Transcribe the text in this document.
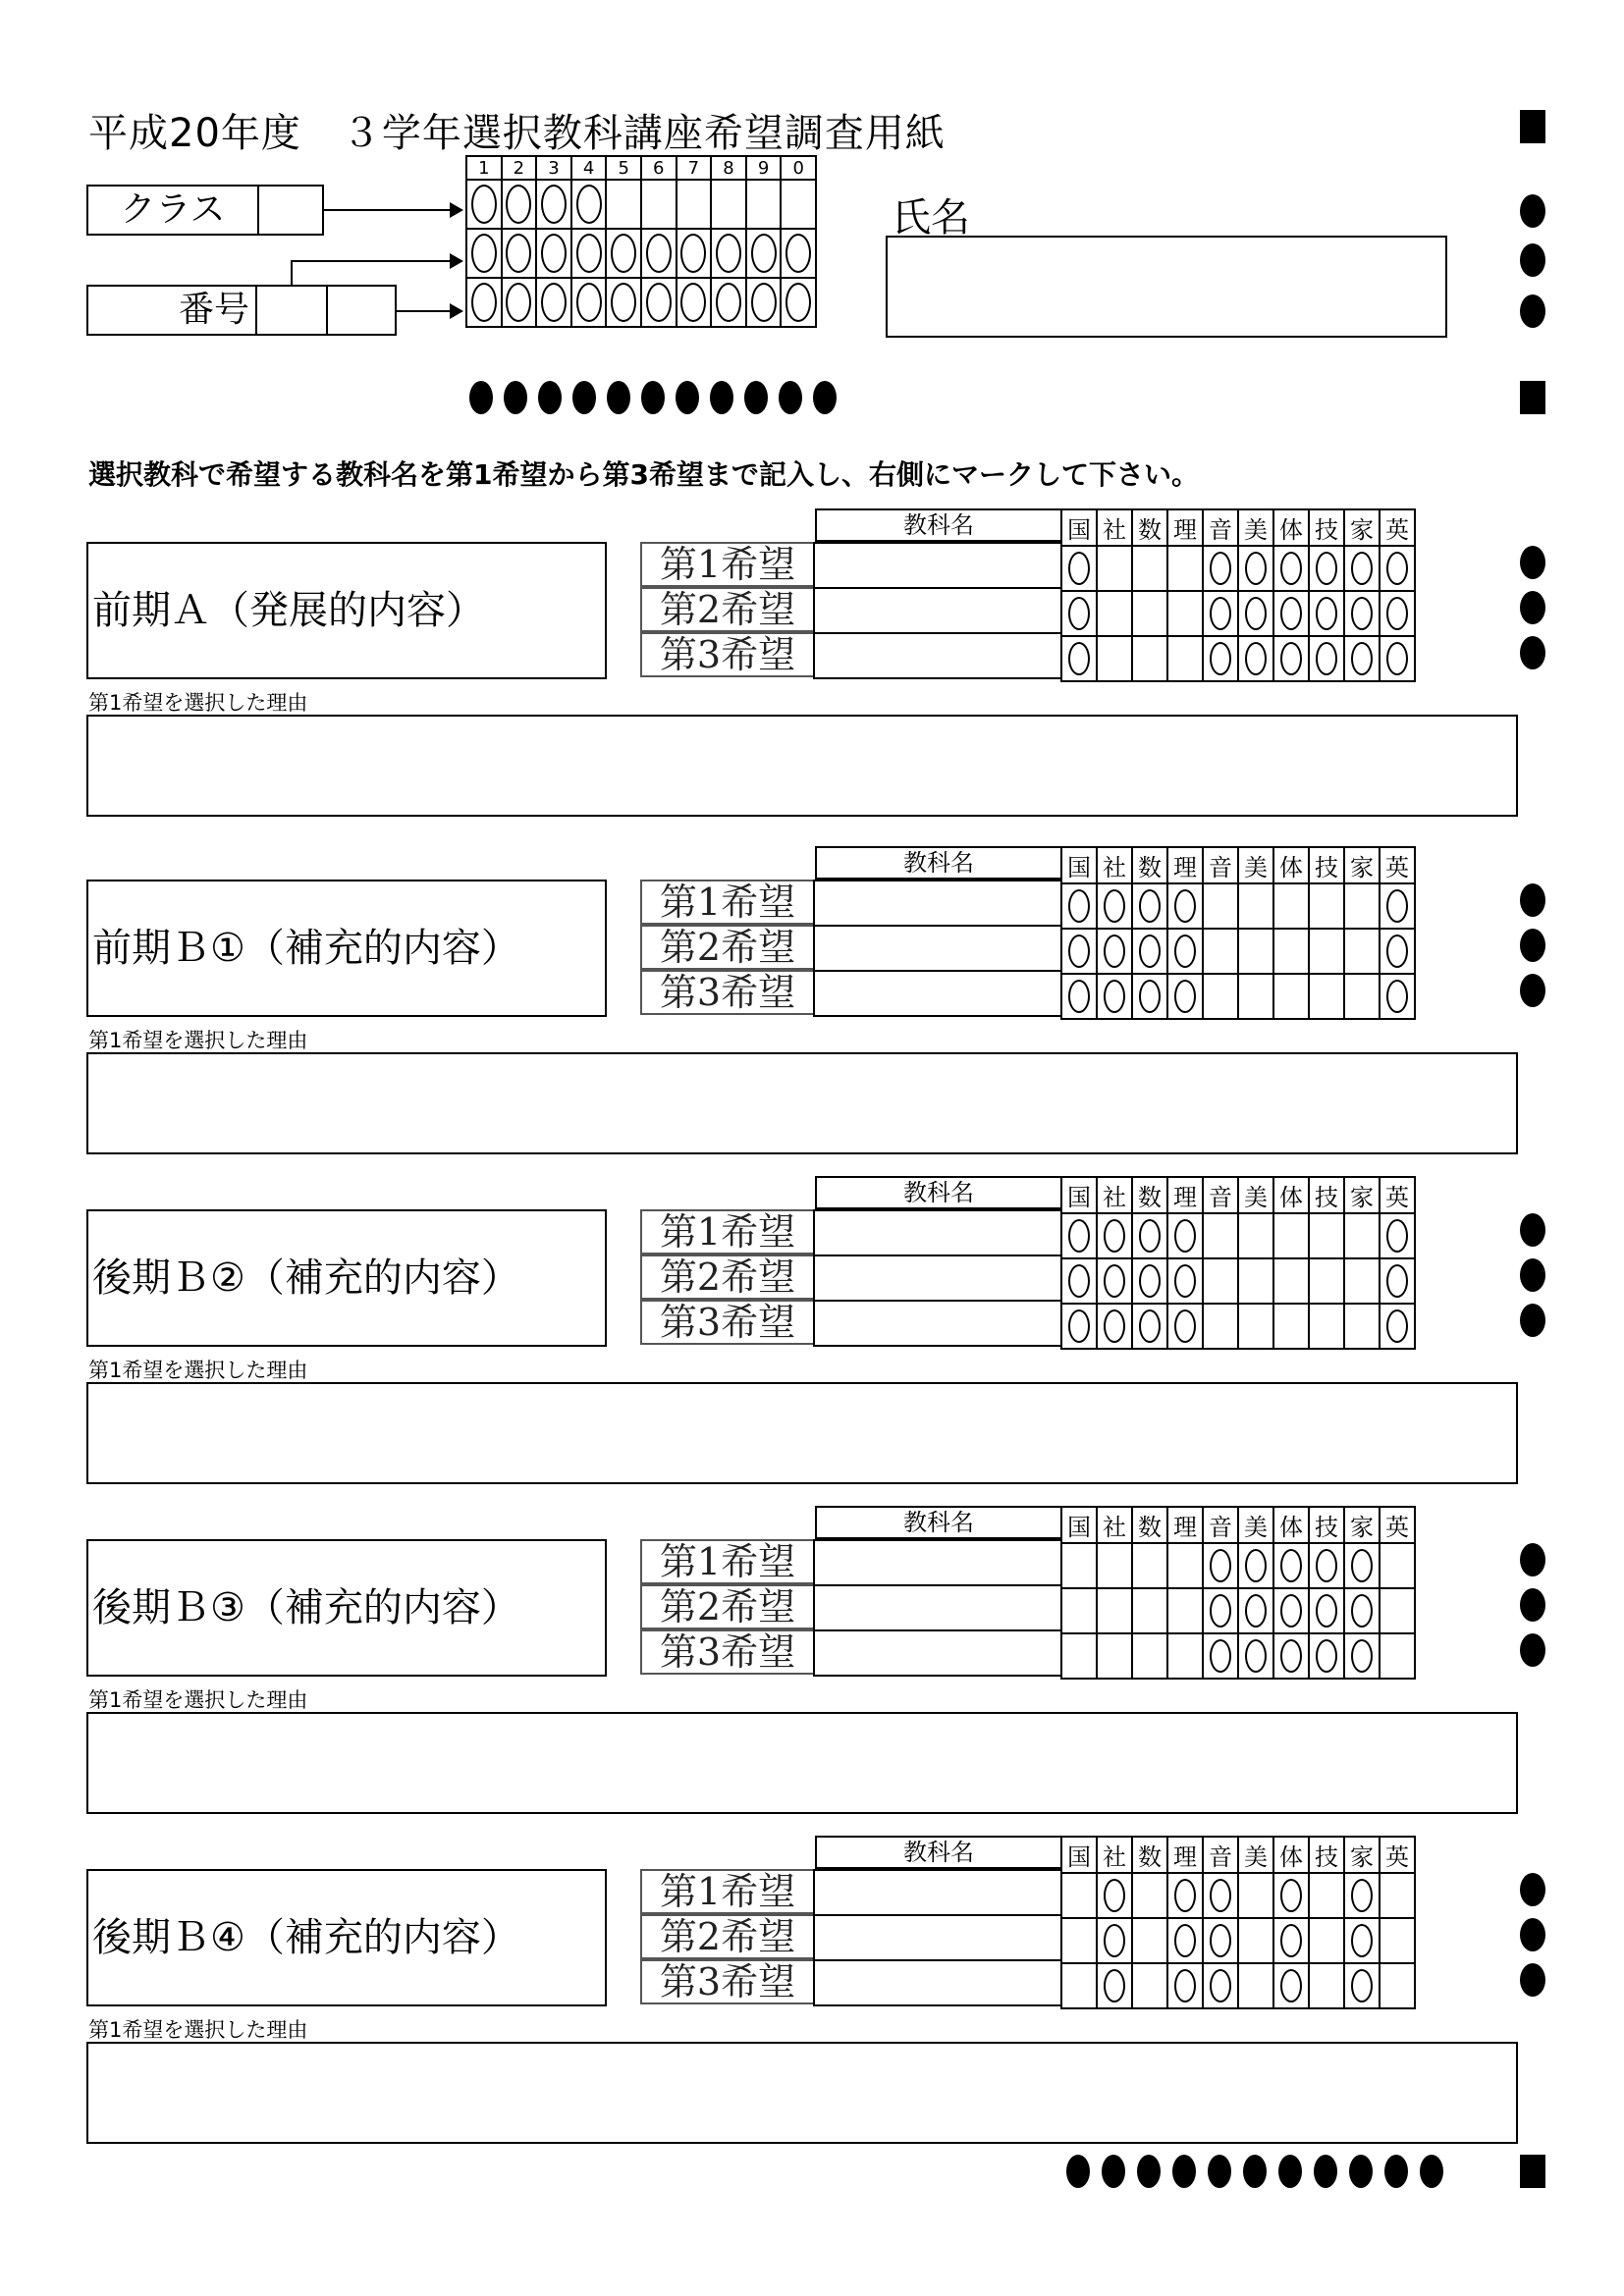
平成20年度　３学年選択教科講座希望調査用紙
クラス
番号
1	2	3	4	5	6	7	8	9	0

氏名
選択教科で希望する教科名を第1希望から第3希望まで記入し、右側にマークして下さい。
前期Ａ（発展的内容）
教科名	国	社	数	理	音	美	体	技	家	英

第1希望
第2希望
第3希望
第1希望を選択した理由
前期Ｂ①（補充的内容）
教科名	国	社	数	理	音	美	体	技	家	英

第1希望
第2希望
第3希望
第1希望を選択した理由
後期Ｂ②（補充的内容）
教科名	国	社	数	理	音	美	体	技	家	英

第1希望
第2希望
第3希望
第1希望を選択した理由
後期Ｂ③（補充的内容）
教科名	国	社	数	理	音	美	体	技	家	英

第1希望
第2希望
第3希望
第1希望を選択した理由
後期Ｂ④（補充的内容）
教科名	国	社	数	理	音	美	体	技	家	英

第1希望
第2希望
第3希望
第1希望を選択した理由
